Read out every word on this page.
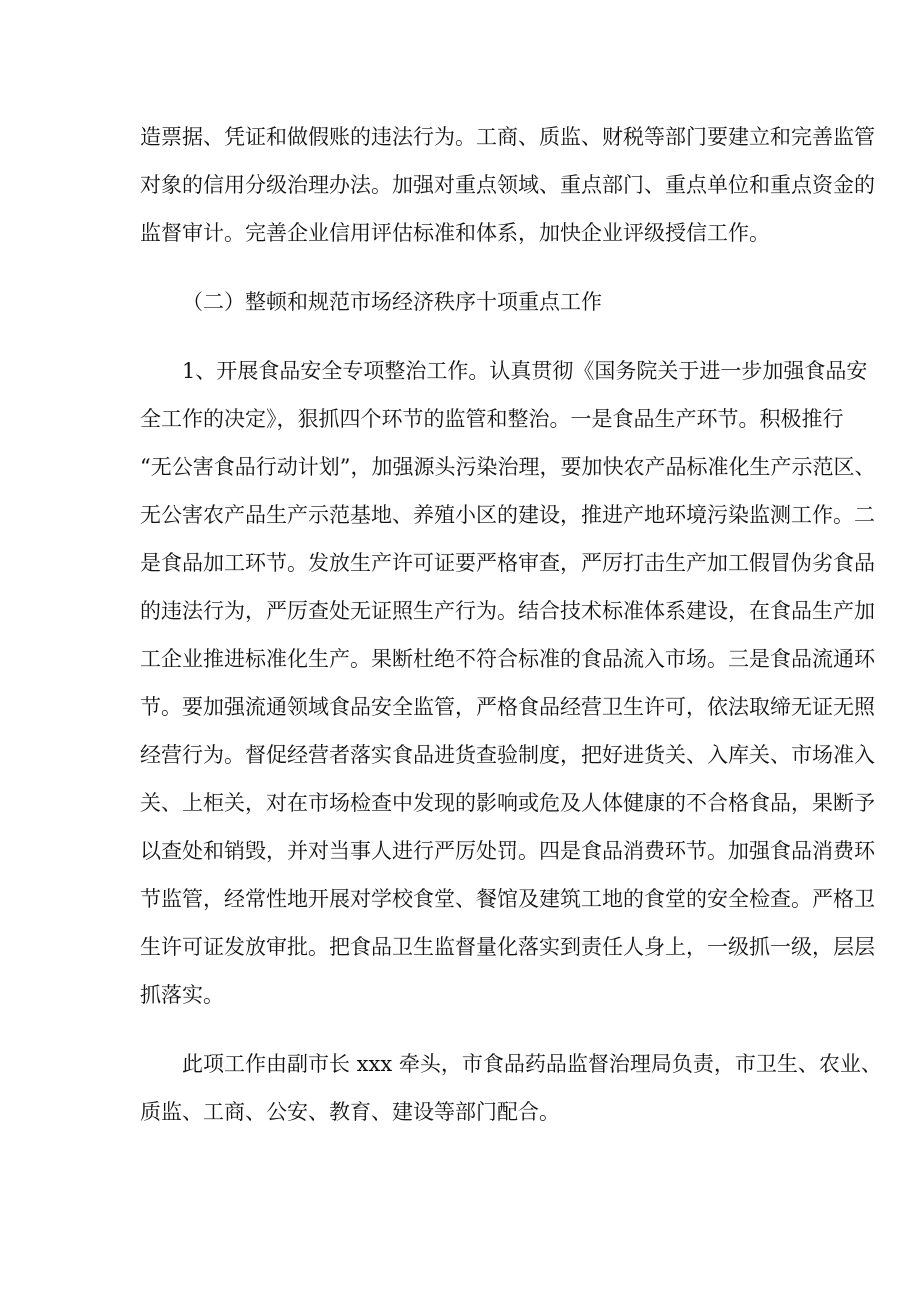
造票据、凭证和做假账的违法行为。工商、质监、财税等部门要建立和完善监管
对象的信用分级治理办法。加强对重点领域、重点部门、重点单位和重点资金的
监督审计。完善企业信用评估标准和体系，加快企业评级授信工作。
（二）整顿和规范市场经济秩序十项重点工作
1、开展食品安全专项整治工作。认真贯彻《国务院关于进一步加强食品安
全工作的决定》，狠抓四个环节的监管和整治。一是食品生产环节。积极推行
“无公害食品行动计划”，加强源头污染治理，要加快农产品标准化生产示范区、
无公害农产品生产示范基地、养殖小区的建设，推进产地环境污染监测工作。二
是食品加工环节。发放生产许可证要严格审查，严厉打击生产加工假冒伪劣食品
的违法行为，严厉查处无证照生产行为。结合技术标准体系建设，在食品生产加
工企业推进标准化生产。果断杜绝不符合标准的食品流入市场。三是食品流通环
节。要加强流通领域食品安全监管，严格食品经营卫生许可，依法取缔无证无照
经营行为。督促经营者落实食品进货查验制度，把好进货关、入库关、市场准入
关、上柜关，对在市场检查中发现的影响或危及人体健康的不合格食品，果断予
以查处和销毁，并对当事人进行严厉处罚。四是食品消费环节。加强食品消费环
节监管，经常性地开展对学校食堂、餐馆及建筑工地的食堂的安全检查。严格卫
生许可证发放审批。把食品卫生监督量化落实到责任人身上，一级抓一级，层层
抓落实。
此项工作由副市长 xxx 牵头，市食品药品监督治理局负责，市卫生、农业、
质监、工商、公安、教育、建设等部门配合。
